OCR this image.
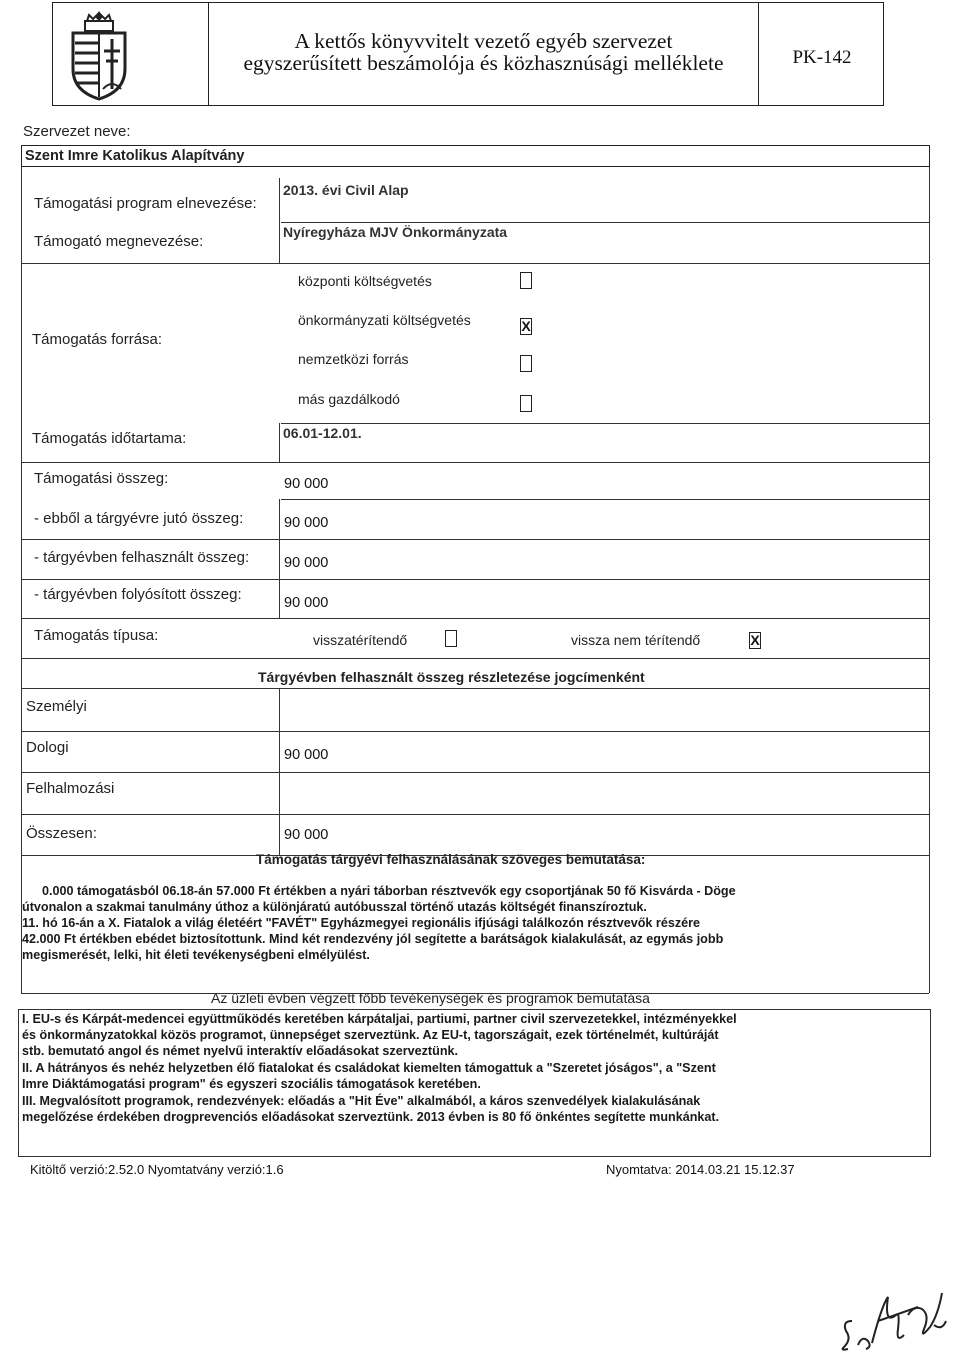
A kettős könyvvitelt vezető egyéb szervezet
egyszerűsített beszámolója és közhasznúsági melléklete	PK-142
Szervezet neve:
Szent Imre Katolikus Alapítvány
Támogatási program elnevezése:
2013. évi Civil Alap
Támogató megnevezése:
Nyíregyháza MJV Önkormányzata
Támogatás forrása:
központi költségvetés
önkormányzati költségvetés	X
nemzetközi forrás
más gazdálkodó
Támogatás időtartama:	06.01-12.01.
Támogatási összeg:	90 000
- ebből a tárgyévre jutó összeg:	90 000
- tárgyévben felhasznált összeg: 90 000
- tárgyévben folyósított összeg:	90 000
Támogatás típusa:	visszatérítendő	vissza nem térítendő	X
Tárgyévben felhasznált összeg részletezése jogcímenként
Személyi
Dologi	90 000
Felhalmozási
Összesen:	90 000
Támogatás tárgyévi felhasználásának szöveges bemutatása:
0.000 támogatásból 06.18-án 57.000 Ft értékben a nyári táborban résztvevők egy csoportjának 50 fő Kisvárda - Döge
útvonalon a szakmai tanulmány úthoz a különjáratú autóbusszal történő utazás költségét finanszíroztuk.
11. hó 16-án a X. Fiatalok a világ életéért "FAVÉT" Egyházmegyei regionális ifjúsági találkozón résztvevők részére
42.000 Ft értékben ebédet biztosítottunk. Mind két rendezvény jól segítette a barátságok kialakulását, az egymás jobb
megismerését, lelki, hit életi tevékenységbeni elmélyülést.
Az üzleti évben végzett főbb tevékenységek és programok bemutatása
I. EU-s és Kárpát-medencei együttműködés keretében kárpátaljai, partiumi, partner civil szervezetekkel, intézményekkel
és önkormányzatokkal közös programot, ünnepséget szerveztünk. Az EU-t, tagországait, ezek történelmét, kultúráját
stb. bemutató angol és német nyelvű interaktív előadásokat szerveztünk.
II. A hátrányos és nehéz helyzetben élő fiatalokat és családokat kiemelten támogattuk a "Szeretet jóságos", a "Szent
Imre Diáktámogatási program" és egyszeri szociális támogatások keretében.
III. Megvalósított programok, rendezvények: előadás a "Hit Éve" alkalmából, a káros szenvedélyek kialakulásának
megelőzése érdekében drogprevenciós előadásokat szerveztünk. 2013 évben is 80 fő önkéntes segítette munkánkat.
Kitöltő verzió:2.52.0 Nyomtatvány verzió:1.6	Nyomtatva: 2014.03.21 15.12.37
